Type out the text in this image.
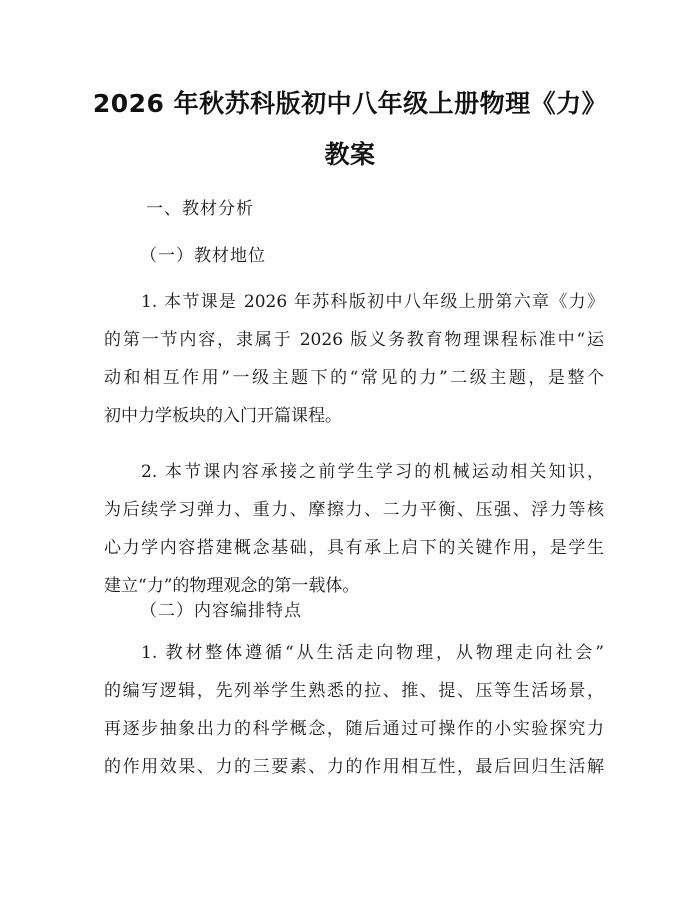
2026 年秋苏科版初中八年级上册物理《力》
教案

一、教材分析

（一）教材地位

1. 本节课是 2026 年苏科版初中八年级上册第六章《力》
的第一节内容，隶属于 2026 版义务教育物理课程标准中“运
动和相互作用”一级主题下的“常见的力”二级主题，是整个
初中力学板块的入门开篇课程。
2. 本节课内容承接之前学生学习的机械运动相关知识，
为后续学习弹力、重力、摩擦力、二力平衡、压强、浮力等核
心力学内容搭建概念基础，具有承上启下的关键作用，是学生
建立“力”的物理观念的第一载体。

（二）内容编排特点

1. 教材整体遵循“从生活走向物理，从物理走向社会”
的编写逻辑，先列举学生熟悉的拉、推、提、压等生活场景，
再逐步抽象出力的科学概念，随后通过可操作的小实验探究力
的作用效果、力的三要素、力的作用相互性，最后回归生活解
